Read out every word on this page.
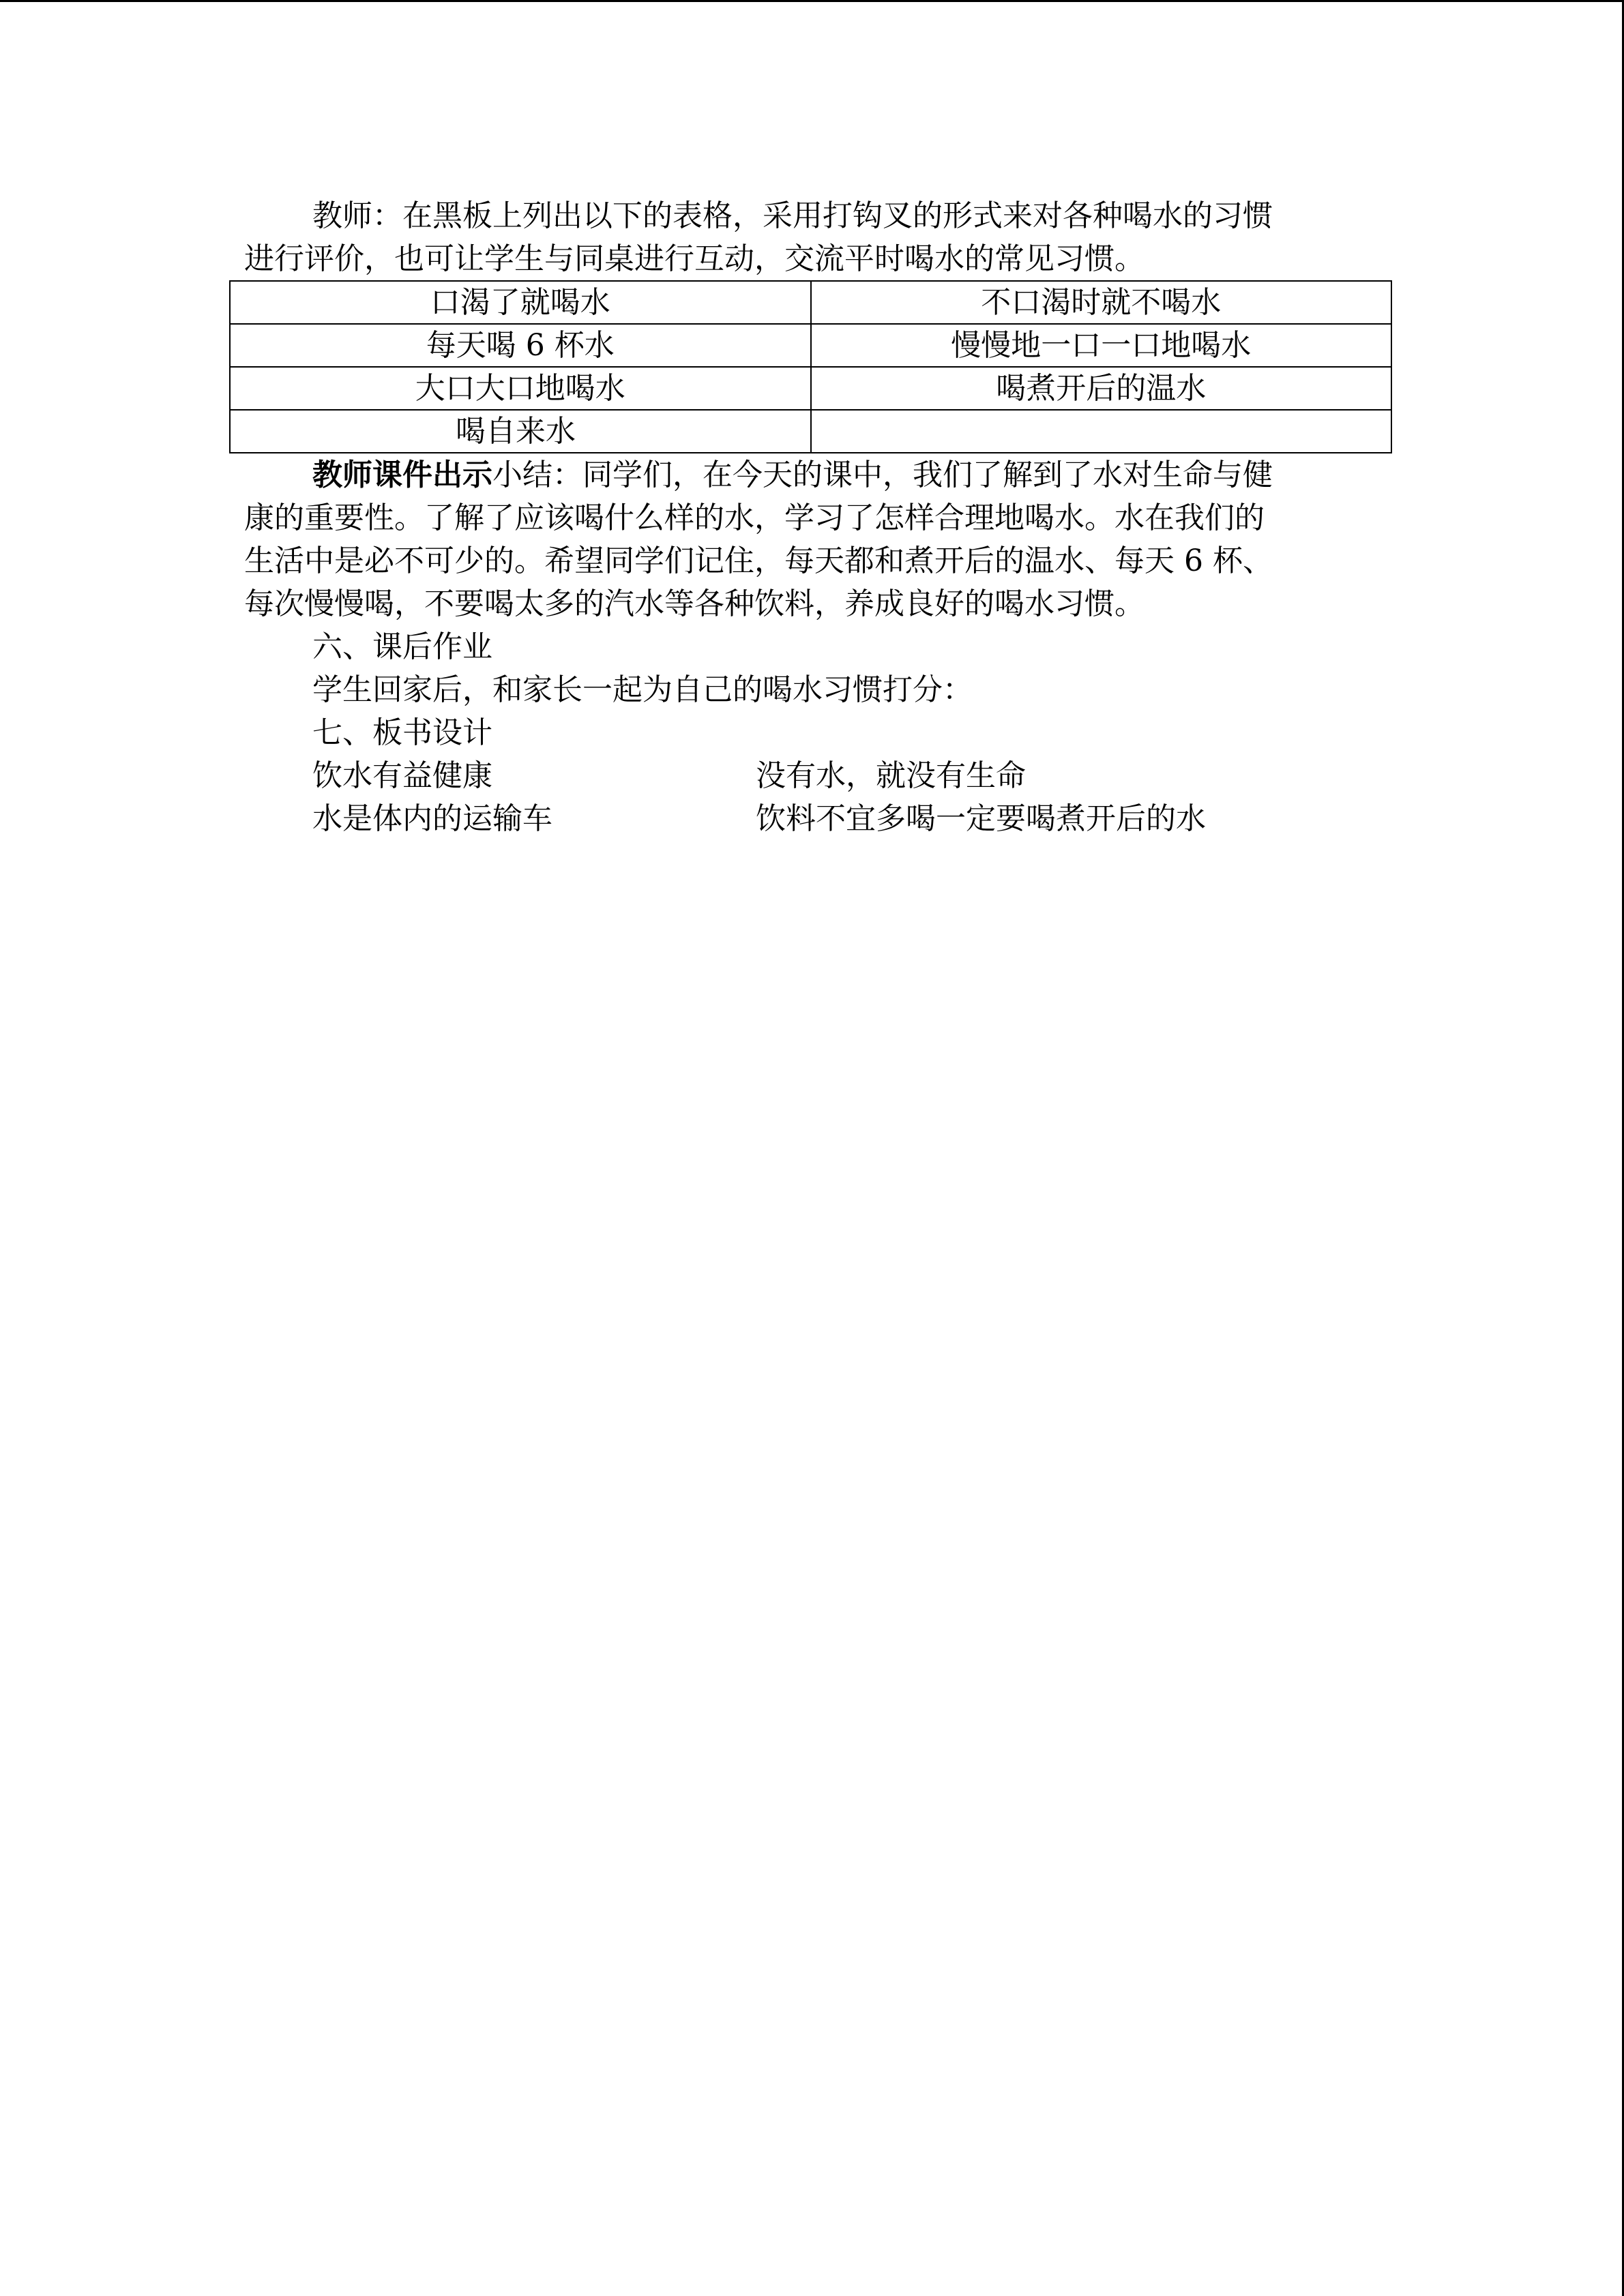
教师：在黑板上列出以下的表格，采用打钩叉的形式来对各种喝水的习惯
进行评价，也可让学生与同桌进行互动，交流平时喝水的常见习惯。
口渴了就喝水	不口渴时就不喝水
每天喝 6 杯水	慢慢地一口一口地喝水
大口大口地喝水	喝煮开后的温水
喝自来水	
教师课件出示小结：同学们，在今天的课中，我们了解到了水对生命与健
康的重要性。了解了应该喝什么样的水，学习了怎样合理地喝水。水在我们的
生活中是必不可少的。希望同学们记住，每天都和煮开后的温水、每天 6 杯、
每次慢慢喝，不要喝太多的汽水等各种饮料，养成良好的喝水习惯。
六、课后作业
学生回家后，和家长一起为自己的喝水习惯打分：
七、板书设计
饮水有益健康	没有水，就没有生命
水是体内的运输车	饮料不宜多喝一定要喝煮开后的水
